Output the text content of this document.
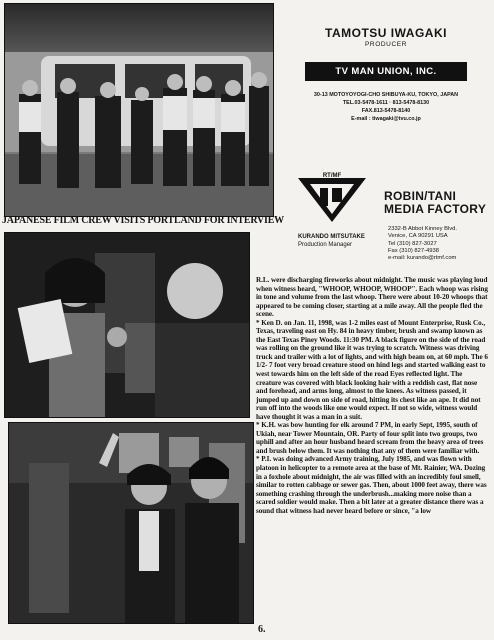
JAPANESE FILM CREW VISITS PORTLAND FOR INTERVIEW
TAMOTSU IWAGAKI
PRODUCER
TV MAN UNION, INC.
30-13 MOTOYOYOGI-CHO SHIBUYA-KU, TOKYO, JAPAN
TEL.03-5478-1611 · 813-5478-8130
FAX.813-5478-8140
E-mail : tiwagaki@tvu.co.jp
RT/MF
KURANDO MITSUTAKE
Production Manager
ROBIN/TANI
MEDIA FACTORY
2332-B Abbot Kinney Blvd.
Venice, CA 90291 USA
Tel (310) 827-3027
Fax (310) 827-4938
e-mail: kurando@rtmf.com

R.L. were discharging fireworks about midnight. The music was playing loud when witness heard, "WHOOP, WHOOP, WHOOP". Each whoop was rising in tone and volume from the last whoop. There were about 10-20 whoops that appeared to be coming closer, starting at a mile away. All the people fled the scene.

* Ken D. on Jan. 11, 1998, was 1-2 miles east of Mount Enterprise, Rusk Co., Texas, traveling east on Hy. 84 in heavy timber, brush and swamp known as the East Texas Piney Woods. 11:30 PM. A black figure on the side of the road was rolling on the ground like it was trying to scratch. Witness was driving truck and trailer with a lot of lights, and with high beam on, at 60 mph. The 6 1/2- 7 foot very broad creature stood on hind legs and started walking east to west towards him on the left side of the road Eyes reflected light. The creature was covered with black looking hair with a reddish cast, flat nose and forehead, and arms long, almost to the knees. As witness passed, it jumped up and down on side of road, hitting its chest like an ape. It did not run off into the woods like one would expect. If not so wide, witness would have thought it was a man in a suit.

* K.H. was bow hunting for elk around 7 PM, in early Sept, 1995, south of Ukiah, near Tower Mountain, OR. Party of four split into two groups, two uphill and after an hour husband heard scream from the heavy area of trees and brush below them. It was nothing that any of them were familiar with.

* P.I. was doing advanced Army training, July 1985, and was flown with platoon in helicopter to a remote area at the base of Mt. Rainier, WA. Dozing in a foxhole about midnight, the air was filled with an incredibly foul smell, similar to rotten cabbage or sewer gas. Then, about 1000 feet away, there was something crashing through the underbrush...making more noise than a scared soldier would make. Then a bit later at a greater distance there was a sound that witness had never heard before or since, "a low

6.
